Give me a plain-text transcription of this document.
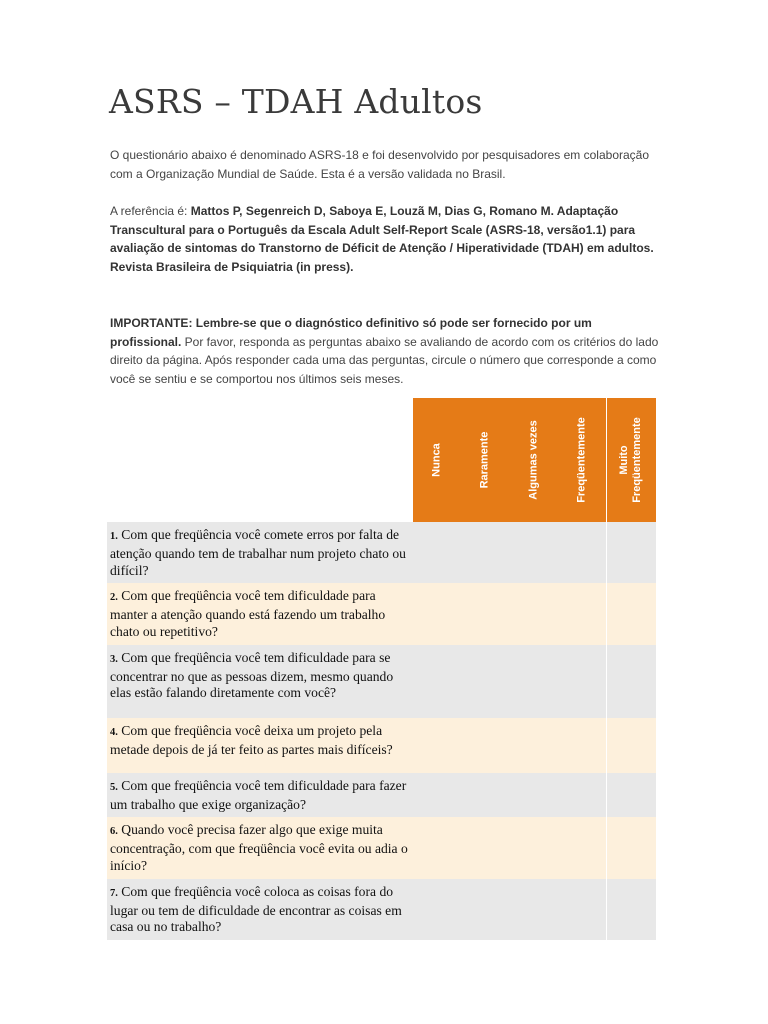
ASRS – TDAH Adultos

O questionário abaixo é denominado ASRS-18 e foi desenvolvido por pesquisadores em colaboração com a Organização Mundial de Saúde. Esta é a versão validada no Brasil.

A referência é: Mattos P, Segenreich D, Saboya E, Louzã M, Dias G, Romano M. Adaptação Transcultural para o Português da Escala Adult Self-Report Scale (ASRS-18, versão1.1) para avaliação de sintomas do Transtorno de Déficit de Atenção / Hiperatividade (TDAH) em adultos. Revista Brasileira de Psiquiatria (in press).

IMPORTANTE: Lembre-se que o diagnóstico definitivo só pode ser fornecido por um profissional. Por favor, responda as perguntas abaixo se avaliando de acordo com os critérios do lado direito da página. Após responder cada uma das perguntas, circule o número que corresponde a como você se sentiu e se comportou nos últimos seis meses.

	Nunca	Raramente	Algumas vezes	Freqüentemente	Muito Freqüentemente

1. Com que freqüência você comete erros por falta de atenção quando tem de trabalhar num projeto chato ou difícil?					
2. Com que freqüência você tem dificuldade para manter a atenção quando está fazendo um trabalho chato ou repetitivo?					
3. Com que freqüência você tem dificuldade para se concentrar no que as pessoas dizem, mesmo quando elas estão falando diretamente com você?					
4. Com que freqüência você deixa um projeto pela metade depois de já ter feito as partes mais difíceis?					
5. Com que freqüência você tem dificuldade para fazer um trabalho que exige organização?					
6. Quando você precisa fazer algo que exige muita concentração, com que freqüência você evita ou adia o início?					
7. Com que freqüência você coloca as coisas fora do lugar ou tem de dificuldade de encontrar as coisas em casa ou no trabalho?					
